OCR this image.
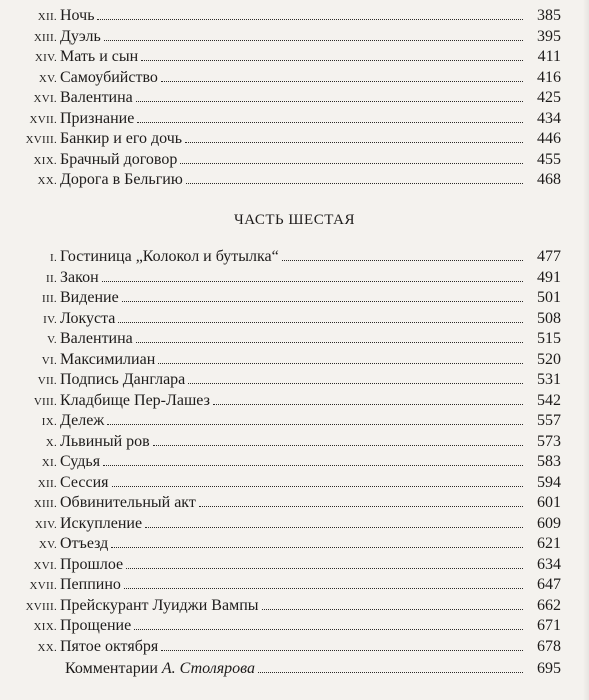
XII. Ночь	385
XIII. Дуэль	395
XIV. Мать и сын	411
XV. Самоубийство	416
XVI. Валентина	425
XVII. Признание	434
XVIII. Банкир и его дочь	446
XIX. Брачный договор	455
XX. Дорога в Бельгию	468
ЧАСТЬ ШЕСТАЯ
I. Гостиница „Колокол и бутылка“	477
II. Закон	491
III. Видение	501
IV. Локуста	508
V. Валентина	515
VI. Максимилиан	520
VII. Подпись Данглара	531
VIII. Кладбище Пер-Лашез	542
IX. Дележ	557
X. Львиный ров	573
XI. Судья	583
XII. Сессия	594
XIII. Обвинительный акт	601
XIV. Искупление	609
XV. Отъезд	621
XVI. Прошлое	634
XVII. Пеппино	647
XVIII. Прейскурант Луиджи Вампы	662
XIX. Прощение	671
XX. Пятое октября	678
Комментарии А. Столярова	695
